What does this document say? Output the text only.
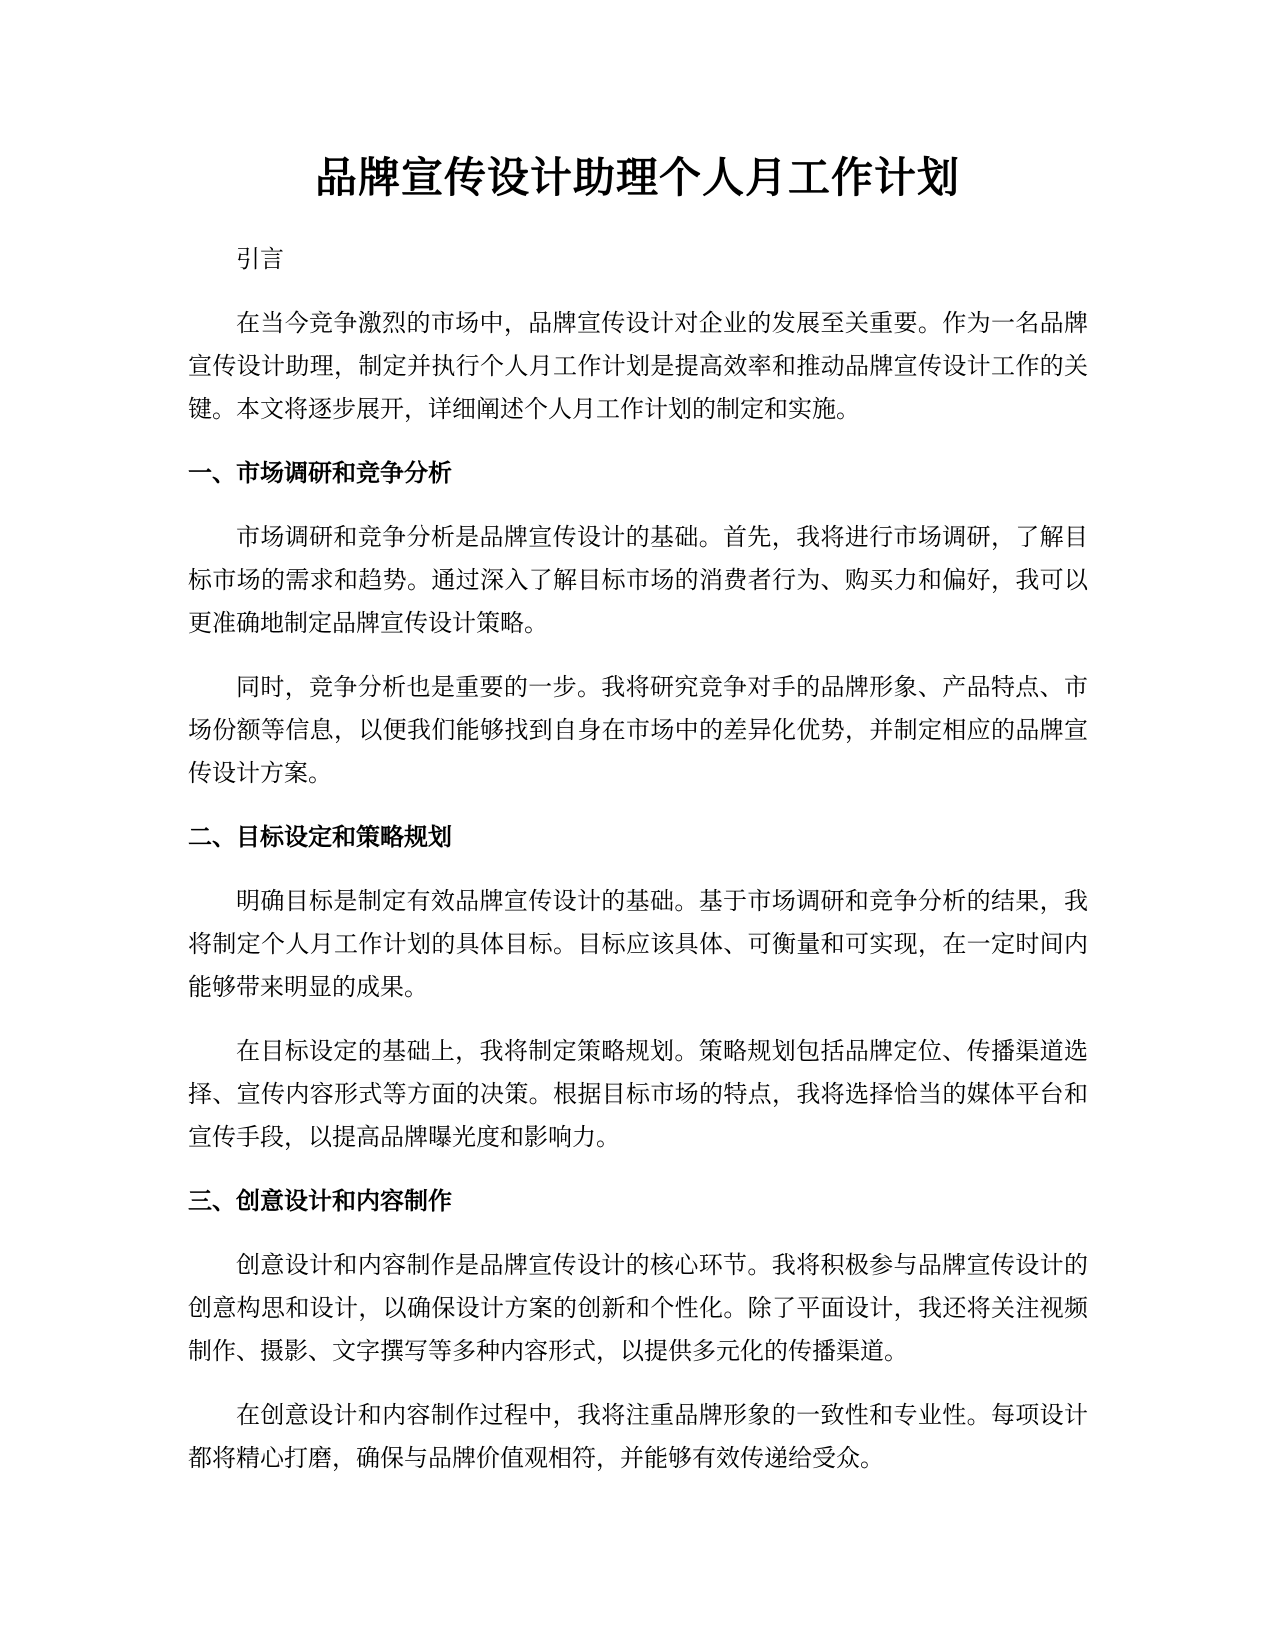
品牌宣传设计助理个人月工作计划

引言

在当今竞争激烈的市场中，品牌宣传设计对企业的发展至关重要。作为一名品牌宣传设计助理，制定并执行个人月工作计划是提高效率和推动品牌宣传设计工作的关键。本文将逐步展开，详细阐述个人月工作计划的制定和实施。

一、市场调研和竞争分析

市场调研和竞争分析是品牌宣传设计的基础。首先，我将进行市场调研，了解目标市场的需求和趋势。通过深入了解目标市场的消费者行为、购买力和偏好，我可以更准确地制定品牌宣传设计策略。

同时，竞争分析也是重要的一步。我将研究竞争对手的品牌形象、产品特点、市场份额等信息，以便我们能够找到自身在市场中的差异化优势，并制定相应的品牌宣传设计方案。

二、目标设定和策略规划

明确目标是制定有效品牌宣传设计的基础。基于市场调研和竞争分析的结果，我将制定个人月工作计划的具体目标。目标应该具体、可衡量和可实现，在一定时间内能够带来明显的成果。

在目标设定的基础上，我将制定策略规划。策略规划包括品牌定位、传播渠道选择、宣传内容形式等方面的决策。根据目标市场的特点，我将选择恰当的媒体平台和宣传手段，以提高品牌曝光度和影响力。

三、创意设计和内容制作

创意设计和内容制作是品牌宣传设计的核心环节。我将积极参与品牌宣传设计的创意构思和设计，以确保设计方案的创新和个性化。除了平面设计，我还将关注视频制作、摄影、文字撰写等多种内容形式，以提供多元化的传播渠道。

在创意设计和内容制作过程中，我将注重品牌形象的一致性和专业性。每项设计都将精心打磨，确保与品牌价值观相符，并能够有效传递给受众。
